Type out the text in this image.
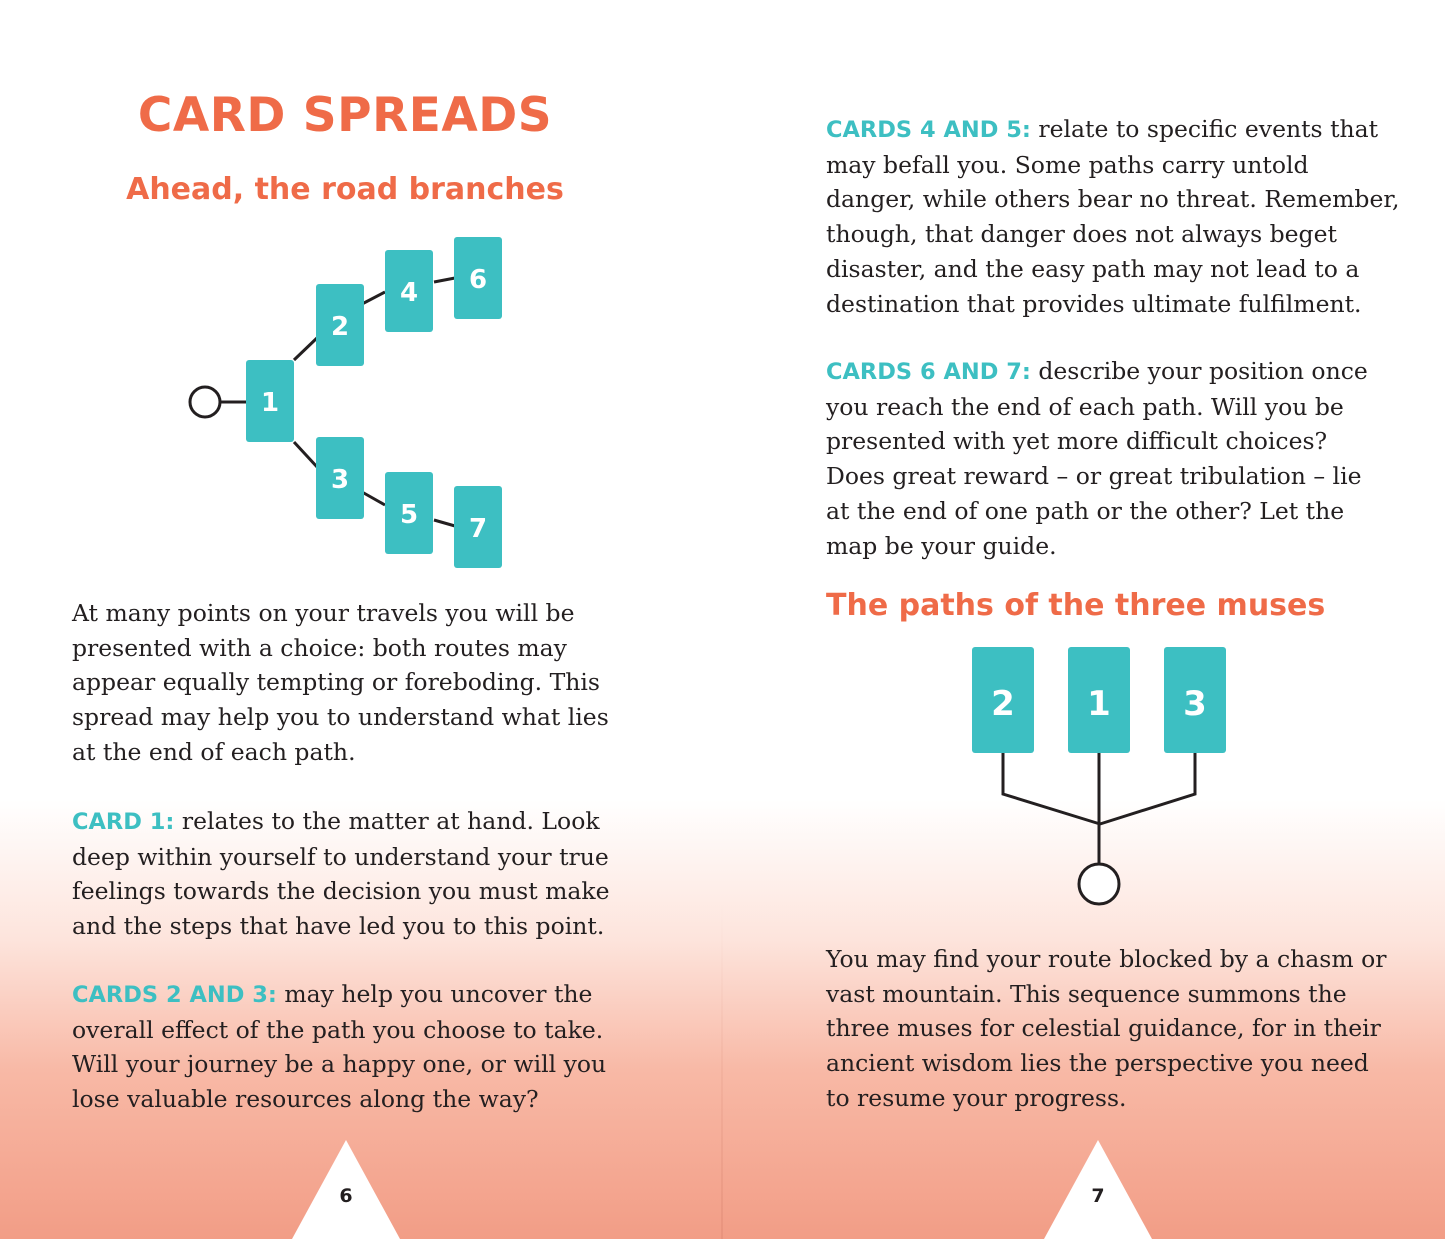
CARD SPREADS
Ahead, the road branches
1
2
3
4
5
6
7

At many points on your travels you will be presented with a choice: both routes may appear equally tempting or foreboding. This spread may help you to understand what lies at the end of each path.

CARD 1: relates to the matter at hand. Look deep within yourself to understand your true feelings towards the decision you must make and the steps that have led you to this point.

CARDS 2 AND 3: may help you uncover the overall effect of the path you choose to take. Will your journey be a happy one, or will you lose valuable resources along the way?

6

CARDS 4 AND 5: relate to specific events that may befall you. Some paths carry untold danger, while others bear no threat. Remember, though, that danger does not always beget disaster, and the easy path may not lead to a destination that provides ultimate fulfilment.

CARDS 6 AND 7: describe your position once you reach the end of each path. Will you be presented with yet more difficult choices? Does great reward – or great tribulation – lie at the end of one path or the other? Let the map be your guide.

The paths of the three muses
2 1 3

You may find your route blocked by a chasm or vast mountain. This sequence summons the three muses for celestial guidance, for in their ancient wisdom lies the perspective you need to resume your progress.

7
